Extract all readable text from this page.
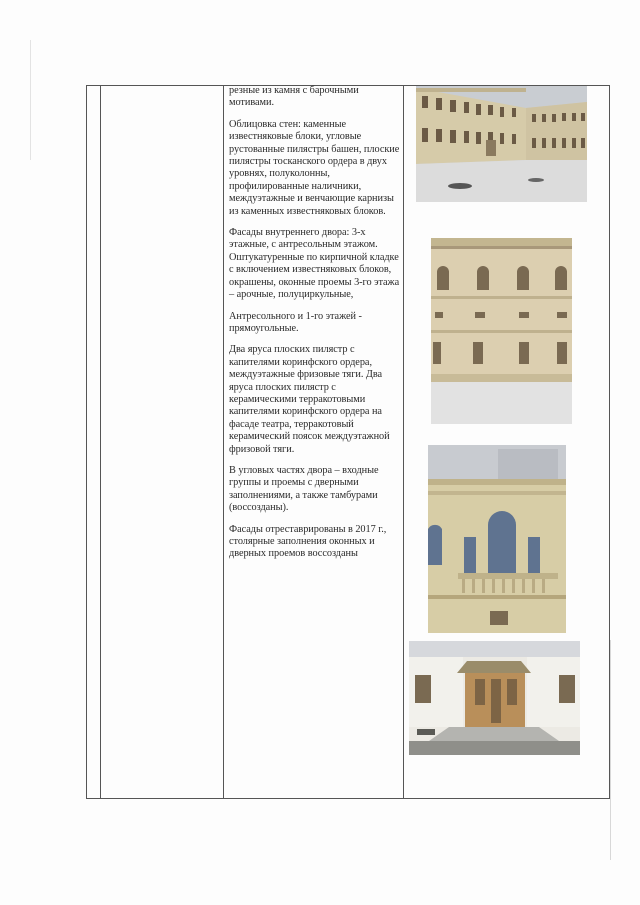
резные из камня с барочными мотивами.

Облицовка стен: каменные известняковые блоки, угловые рустованные пилястры башен, плоские пилястры тосканского ордера в двух уровнях, полуколонны, профилированные наличники, междуэтажные и венчающие карнизы из каменных известняковых блоков.

Фасады внутреннего двора: 3-х этажные, с антресольным этажом. Оштукатуренные по кирпичной кладке с включением известняковых блоков, окрашены, оконные проемы 3-го этажа – арочные, полуциркульные,

Антресольного и 1-го этажей - прямоугольные.

Два яруса плоских пилястр с капителями коринфского ордера, междуэтажные фризовые тяги. Два яруса плоских пилястр с керамическими терракотовыми капителями коринфского ордера на фасаде театра, терракотовый керамический поясок междуэтажной фризовой тяги.

В угловых частях двора – входные группы и проемы с дверными заполнениями, а также тамбурами (воссозданы).

Фасады отреставрированы в 2017 г., столярные заполнения оконных и дверных проемов воссозданы
